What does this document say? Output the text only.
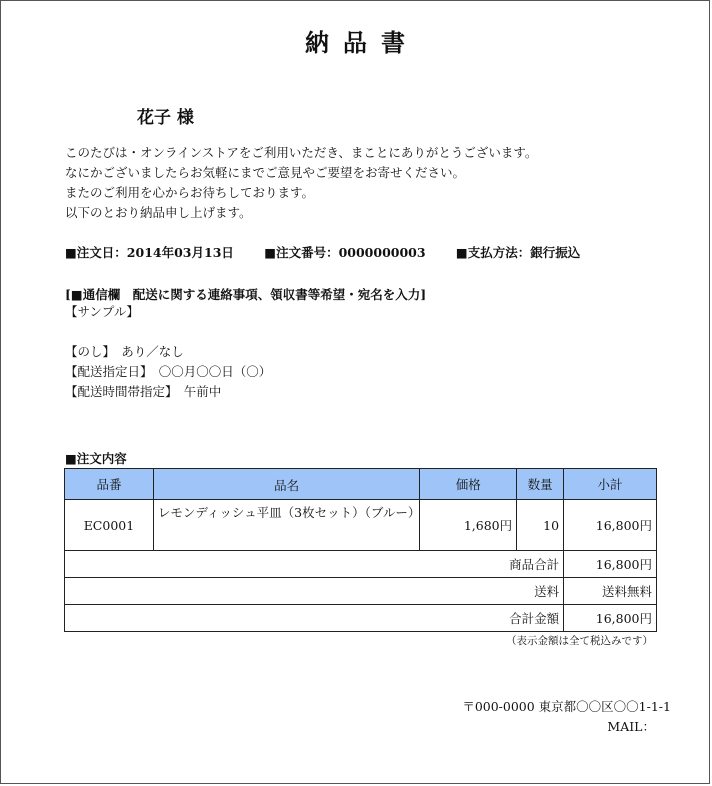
納品書
花子 様
このたびは・オンラインストアをご利用いただき、まことにありがとうございます。
なにかございましたらお気軽にまでご意見やご要望をお寄せください。
またのご利用を心からお待ちしております。
以下のとおり納品申し上げます。
■注文日：2014年03月13日 ■注文番号：0000000003 ■支払方法：銀行振込
[■通信欄　配送に関する連絡事項、領収書等希望・宛名を入力]
【サンプル】
【のし】　あり／なし
【配送指定日】　〇〇月〇〇日（〇）
【配送時間帯指定】　午前中
■注文内容
品番	品名	価格	数量	小計
EC0001	レモンディッシュ平皿（3枚セット）（ブルー）	1,680円	10	16,800円
商品合計				16,800円
送料				送料無料
合計金額				16,800円
（表示金額は全て税込みです）
〒000-0000 東京都〇〇区〇〇1-1-1
MAIL：
